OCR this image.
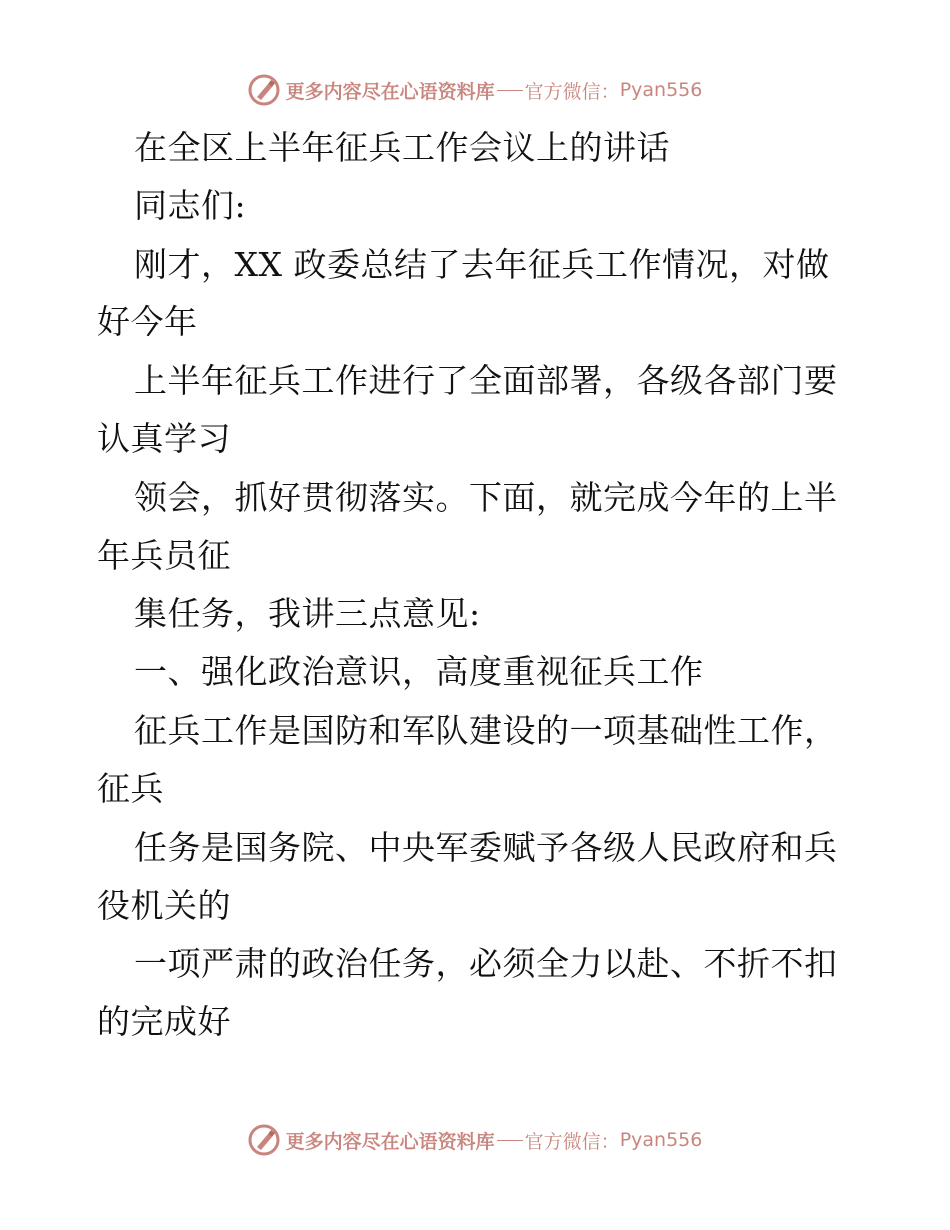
更多内容尽在心语资料库 官方微信： Pyan556
在全区上半年征兵工作会议上的讲话
同志们:
刚才，XX 政委总结了去年征兵工作情况，对做
好今年
上半年征兵工作进行了全面部署，各级各部门要
认真学习
领会，抓好贯彻落实。下面，就完成今年的上半
年兵员征
集任务，我讲三点意见:
一、强化政治意识，高度重视征兵工作
征兵工作是国防和军队建设的一项基础性工作，
征兵
任务是国务院、中央军委赋予各级人民政府和兵
役机关的
一项严肃的政治任务，必须全力以赴、不折不扣
的完成好
更多内容尽在心语资料库 官方微信： Pyan556
